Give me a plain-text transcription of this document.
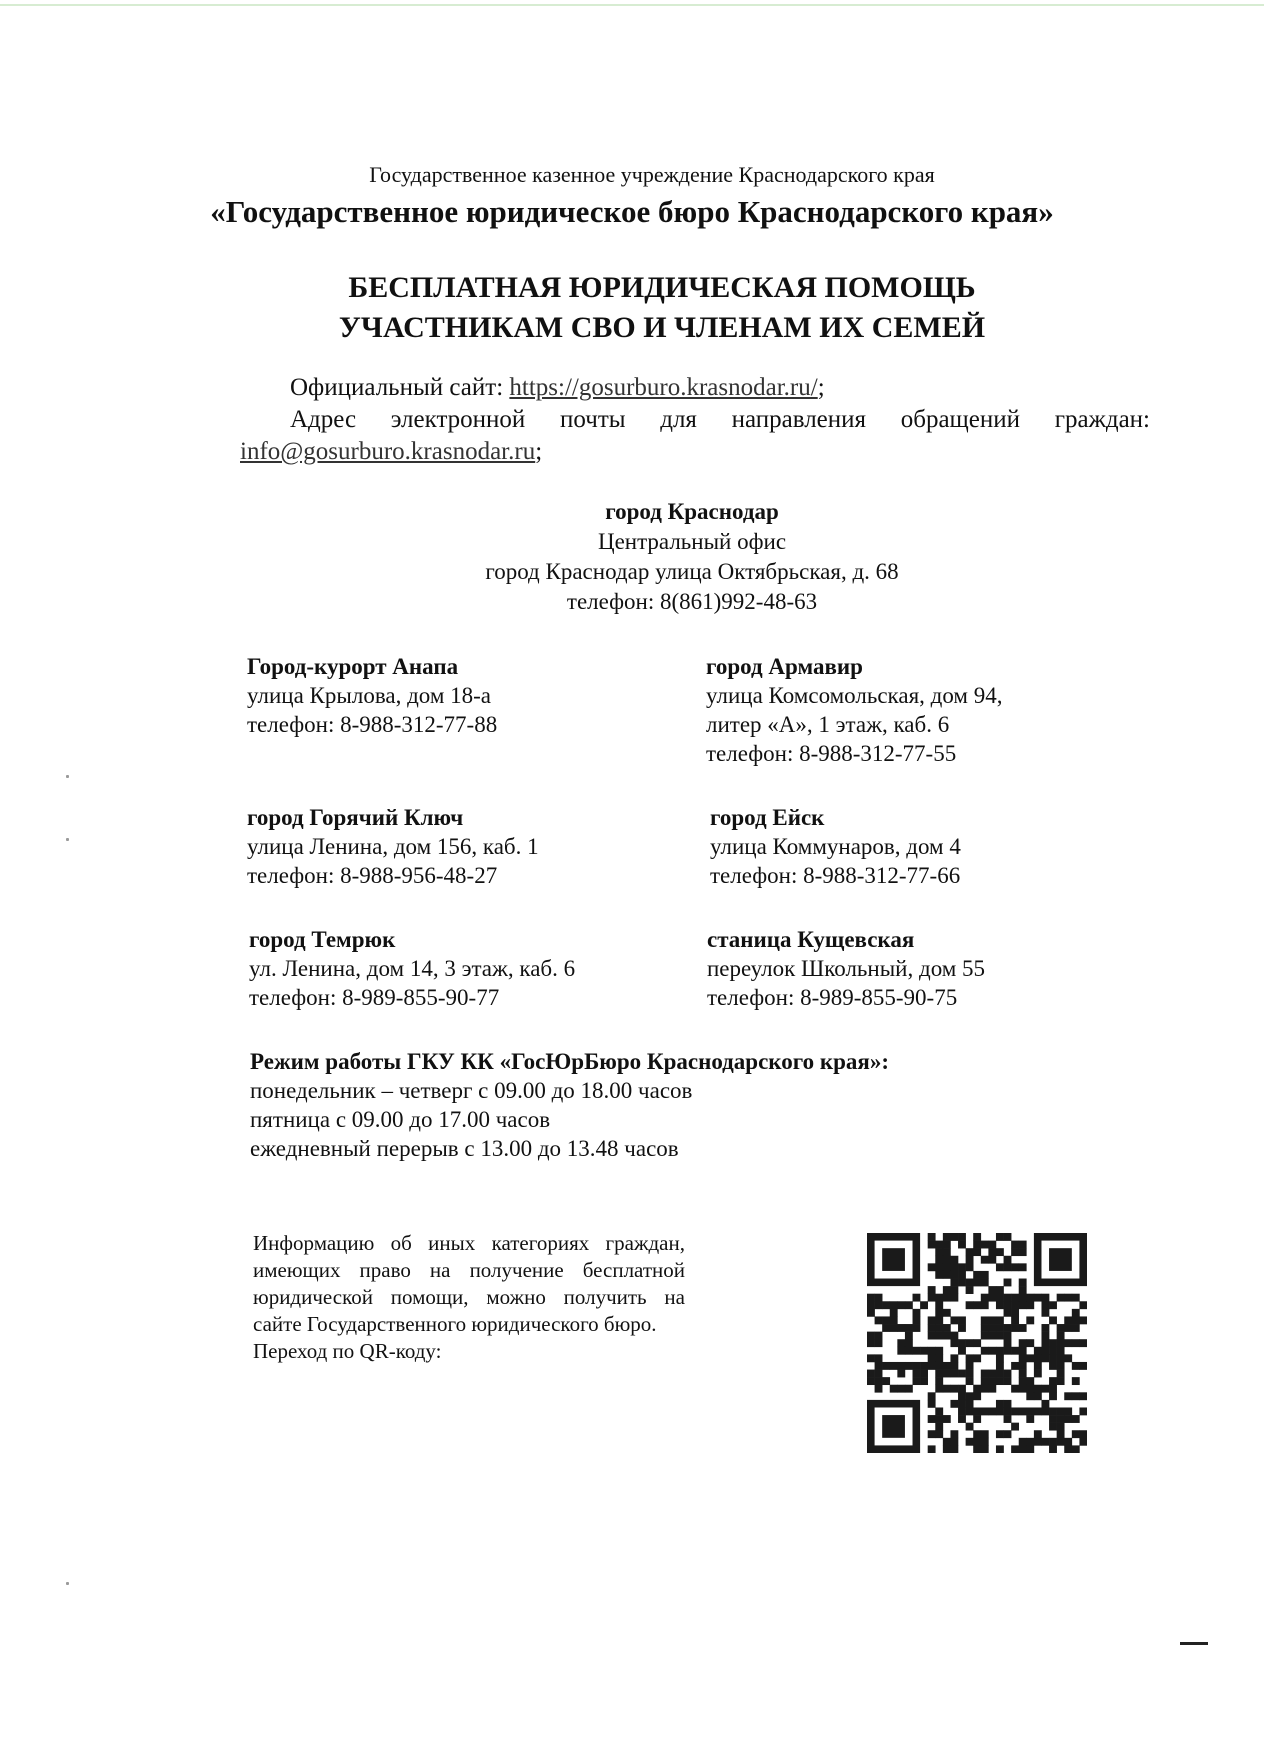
Государственное казенное учреждение Краснодарского края
«Государственное юридическое бюро Краснодарского края»
БЕСПЛАТНАЯ ЮРИДИЧЕСКАЯ ПОМОЩЬ
УЧАСТНИКАМ СВО И ЧЛЕНАМ ИХ СЕМЕЙ
Официальный сайт: https://gosurburo.krasnodar.ru/;
Адрес электронной почты для направления обращений граждан:
info@gosurburo.krasnodar.ru;
город Краснодар
Центральный офис
город Краснодар улица Октябрьская, д. 68
телефон: 8(861)992-48-63
Город-курорт Анапа
улица Крылова, дом 18-а
телефон: 8-988-312-77-88
город Армавир
улица Комсомольская, дом 94,
литер «А», 1 этаж, каб. 6
телефон: 8-988-312-77-55
город Горячий Ключ
улица Ленина, дом 156, каб. 1
телефон: 8-988-956-48-27
город Ейск
улица Коммунаров, дом 4
телефон: 8-988-312-77-66
город Темрюк
ул. Ленина, дом 14, 3 этаж, каб. 6
телефон: 8-989-855-90-77
станица Кущевская
переулок Школьный, дом 55
телефон: 8-989-855-90-75
Режим работы ГКУ КК «ГосЮрБюро Краснодарского края»:
понедельник – четверг с 09.00 до 18.00 часов
пятница с 09.00 до 17.00 часов
ежедневный перерыв с 13.00 до 13.48 часов
Информацию об иных категориях граждан, имеющих право на получение бесплатной юридической помощи, можно получить на сайте Государственного юридического бюро.
Переход по QR-коду:
